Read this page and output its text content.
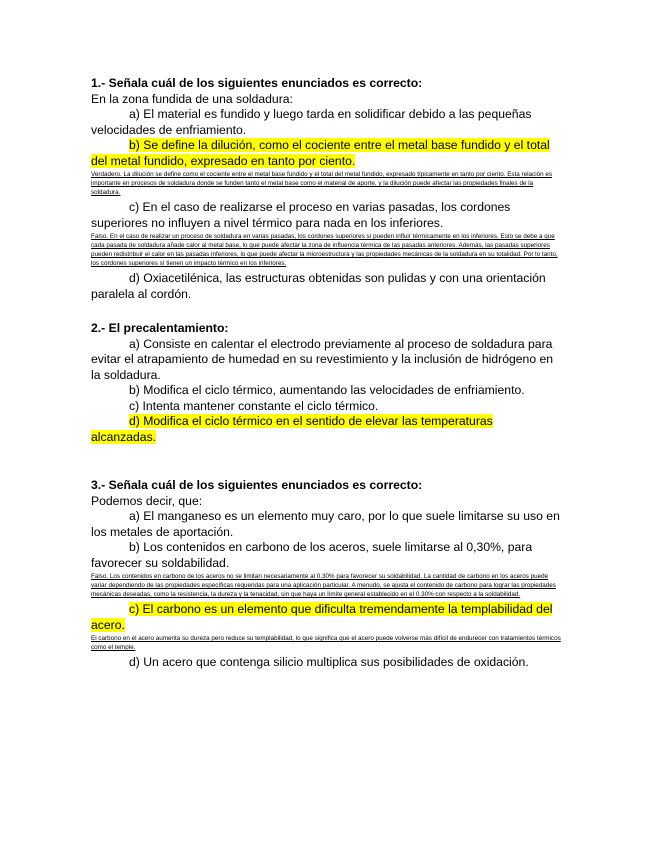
1.- Señala cuál de los siguientes enunciados es correcto:

En la zona fundida de una soldadura:

a) El material es fundido y luego tarda en solidificar debido a las pequeñas velocidades de enfriamiento.

b) Se define la dilución, como el cociente entre el metal base fundido y el total del metal fundido, expresado en tanto por ciento.

Verdadero. La dilución se define como el cociente entre el metal base fundido y el total del metal fundido, expresado típicamente en tanto por ciento. Esta relación es importante en procesos de soldadura donde se funden tanto el metal base como el material de aporte, y la dilución puede afectar las propiedades finales de la soldadura.

c) En el caso de realizarse el proceso en varias pasadas, los cordones superiores no influyen a nivel térmico para nada en los inferiores.

Falso. En el caso de realizar un proceso de soldadura en varias pasadas, los cordones superiores sí pueden influir térmicamente en los inferiores. Esto se debe a que cada pasada de soldadura añade calor al metal base, lo que puede afectar la zona de influencia térmica de las pasadas anteriores. Además, las pasadas superiores pueden redistribuir el calor en las pasadas inferiores, lo que puede afectar la microestructura y las propiedades mecánicas de la soldadura en su totalidad. Por lo tanto, los cordones superiores sí tienen un impacto térmico en los inferiores.

d) Oxiacetilénica, las estructuras obtenidas son pulidas y con una orientación paralela al cordón.

2.- El precalentamiento:

a) Consiste en calentar el electrodo previamente al proceso de soldadura para evitar el atrapamiento de humedad en su revestimiento y la inclusión de hidrógeno en la soldadura.

b) Modifica el ciclo térmico, aumentando las velocidades de enfriamiento.

c) Intenta mantener constante el ciclo térmico.

d) Modifica el ciclo térmico en el sentido de elevar las temperaturas alcanzadas.

3.- Señala cuál de los siguientes enunciados es correcto:

Podemos decir, que:

a) El manganeso es un elemento muy caro, por lo que suele limitarse su uso en los metales de aportación.

b) Los contenidos en carbono de los aceros, suele limitarse al 0,30%, para favorecer su soldabilidad.

Falso. Los contenidos en carbono de los aceros no se limitan necesariamente al 0.30% para favorecer su soldabilidad. La cantidad de carbono en los aceros puede variar dependiendo de las propiedades específicas requeridas para una aplicación particular. A menudo, se ajusta el contenido de carbono para lograr las propiedades mecánicas deseadas, como la resistencia, la dureza y la tenacidad, sin que haya un límite general establecido en el 0.30% con respecto a la soldabilidad.

c) El carbono es un elemento que dificulta tremendamente la templabilidad del acero.

El carbono en el acero aumenta su dureza pero reduce su templabilidad, lo que significa que el acero puede volverse más difícil de endurecer con tratamientos térmicos como el temple.

d) Un acero que contenga silicio multiplica sus posibilidades de oxidación.
